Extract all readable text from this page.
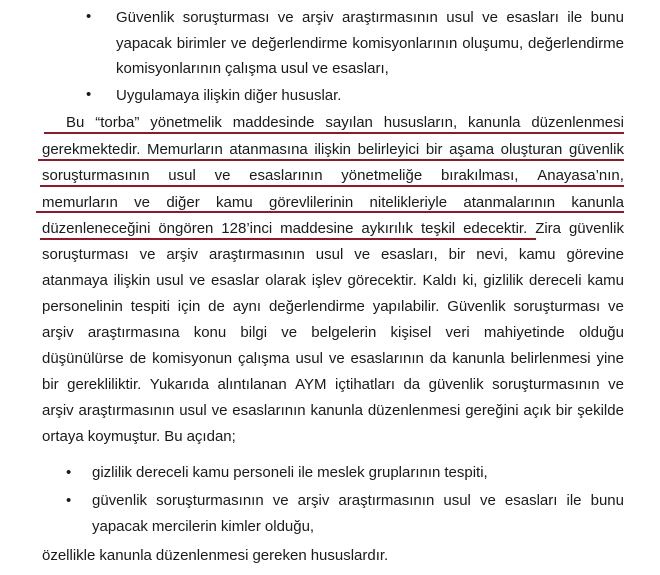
•
•
•
•
Güvenlik soruşturması ve arşiv araştırmasının usul ve esasları ile bunu
yapacak birimler ve değerlendirme komisyonlarının oluşumu, değerlendirme
komisyonlarının çalışma usul ve esasları,
Uygulamaya ilişkin diğer hususlar.
Bu “torba” yönetmelik maddesinde sayılan hususların, kanunla düzenlenmesi
gerekmektedir. Memurların atanmasına ilişkin belirleyici bir aşama oluşturan güvenlik
soruşturmasının usul ve esaslarının yönetmeliğe bırakılması, Anayasa’nın,
memurların ve diğer kamu görevlilerinin nitelikleriyle atanmalarının kanunla
düzenleneceğini öngören 128’inci maddesine aykırılık teşkil edecektir. Zira güvenlik
soruşturması ve arşiv araştırmasının usul ve esasları, bir nevi, kamu görevine
atanmaya ilişkin usul ve esaslar olarak işlev görecektir. Kaldı ki, gizlilik dereceli kamu
personelinin tespiti için de aynı değerlendirme yapılabilir. Güvenlik soruşturması ve
arşiv araştırmasına konu bilgi ve belgelerin kişisel veri mahiyetinde olduğu
düşünülürse de komisyonun çalışma usul ve esaslarının da kanunla belirlenmesi yine
bir gerekliliktir. Yukarıda alıntılanan AYM içtihatları da güvenlik soruşturmasının ve
arşiv araştırmasının usul ve esaslarının kanunla düzenlenmesi gereğini açık bir şekilde
ortaya koymuştur. Bu açıdan;
gizlilik dereceli kamu personeli ile meslek gruplarının tespiti,
güvenlik soruşturmasının ve arşiv araştırmasının usul ve esasları ile bunu
yapacak mercilerin kimler olduğu,
özellikle kanunla düzenlenmesi gereken hususlardır.
